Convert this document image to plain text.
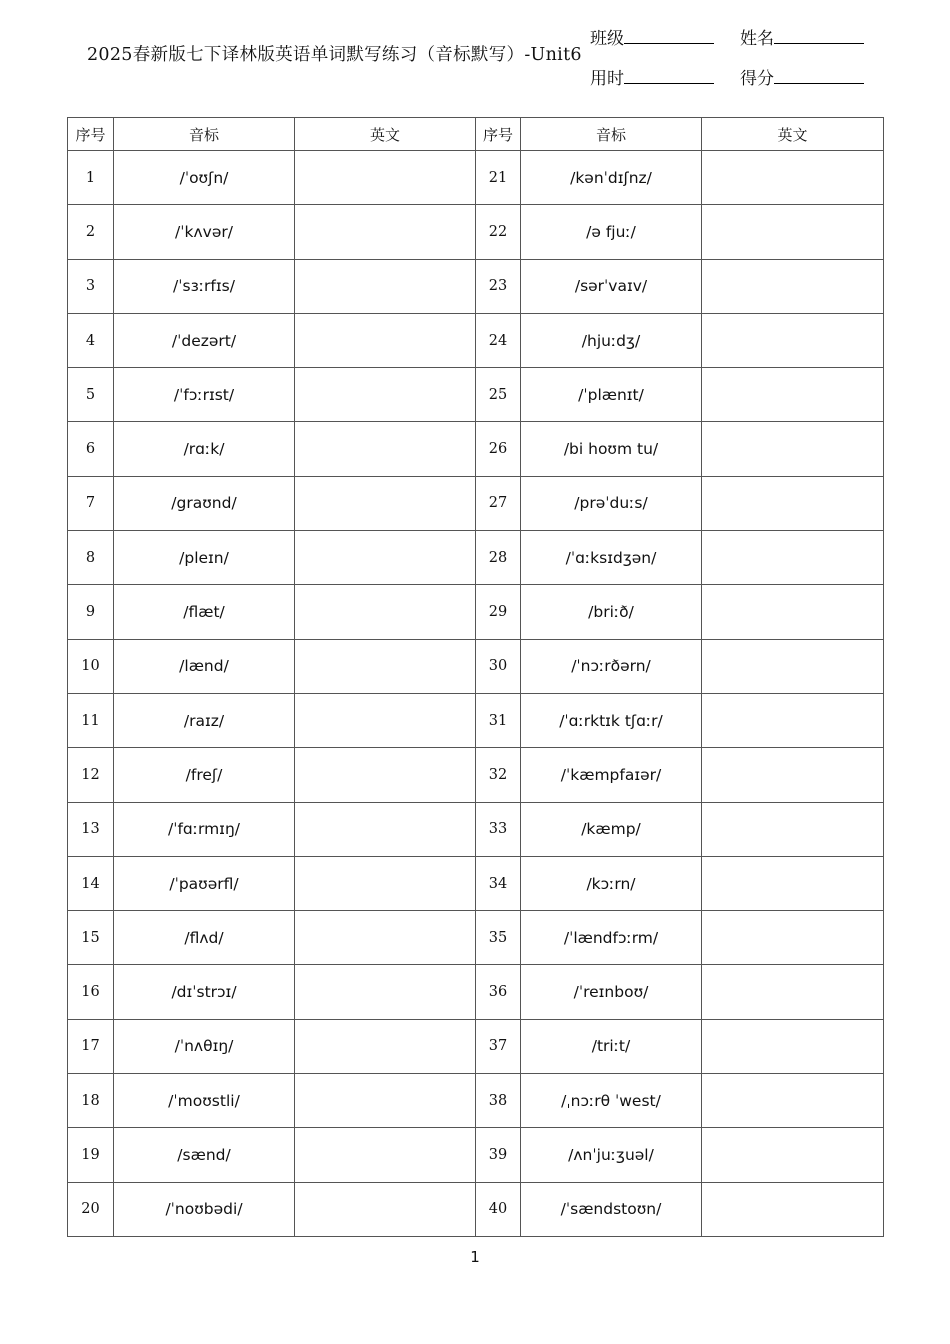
2025春新版七下译林版英语单词默写练习（音标默写）-Unit6
班级	姓名
用时	得分
序号	音标	英文	序号	音标	英文
1	/ˈoʊʃn/		21	/kənˈdɪʃnz/	
2	/ˈkʌvər/		22	/ə fjuː/	
3	/ˈsɜːrfɪs/		23	/sərˈvaɪv/	
4	/ˈdezərt/		24	/hjuːdʒ/	
5	/ˈfɔːrɪst/		25	/ˈplænɪt/	
6	/rɑːk/		26	/bi hoʊm tu/	
7	/graʊnd/		27	/prəˈduːs/	
8	/pleɪn/		28	/ˈɑːksɪdʒən/	
9	/flæt/		29	/briːð/	
10	/lænd/		30	/ˈnɔːrðərn/	
11	/raɪz/		31	/ˈɑːrktɪk tʃɑːr/	
12	/freʃ/		32	/ˈkæmpfaɪər/	
13	/ˈfɑːrmɪŋ/		33	/kæmp/	
14	/ˈpaʊərfl/		34	/kɔːrn/	
15	/flʌd/		35	/ˈlændfɔːrm/	
16	/dɪˈstrɔɪ/		36	/ˈreɪnboʊ/	
17	/ˈnʌθɪŋ/		37	/triːt/	
18	/ˈmoʊstli/		38	/ˌnɔːrθ ˈwest/	
19	/sænd/		39	/ʌnˈjuːʒuəl/	
20	/ˈnoʊbədi/		40	/ˈsændstoʊn/	
1
